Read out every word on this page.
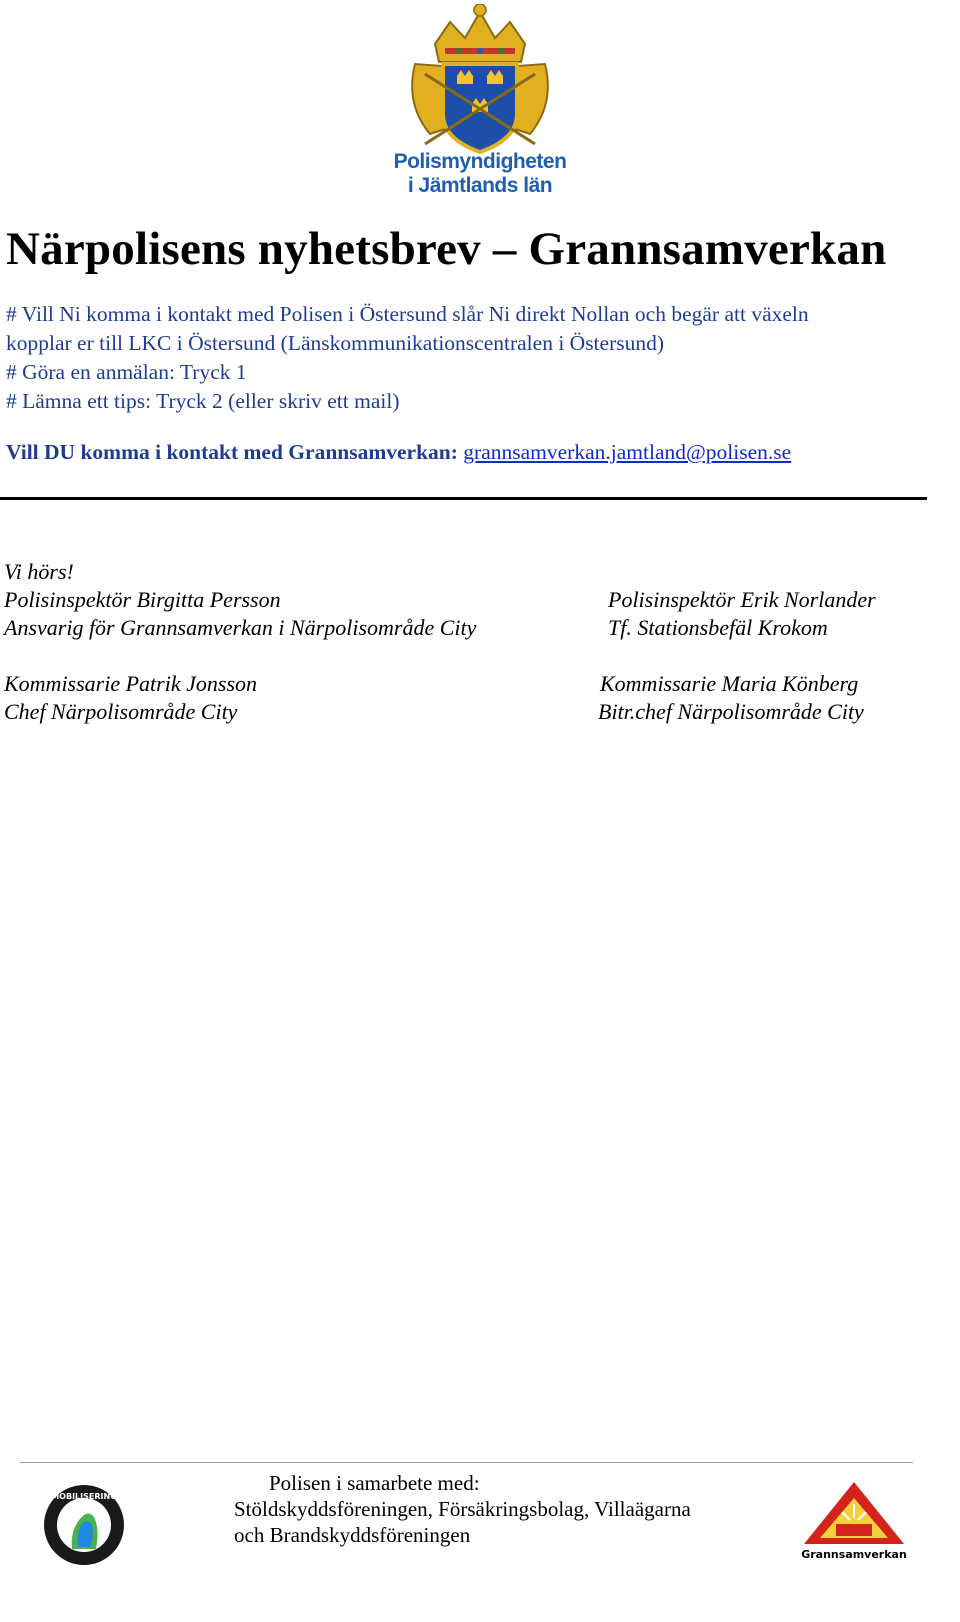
Polismyndigheten
i Jämtlands län
Närpolisens nyhetsbrev – Grannsamverkan
# Vill Ni komma i kontakt med Polisen i Östersund slår Ni direkt Nollan och begär att växeln
kopplar er till LKC i Östersund (Länskommunikationscentralen i Östersund)
# Göra en anmälan: Tryck 1
# Lämna ett tips: Tryck 2 (eller skriv ett mail)
Vill DU komma i kontakt med Grannsamverkan: grannsamverkan.jamtland@polisen.se
Vi hörs!
Polisinspektör Birgitta Persson
Ansvarig för Grannsamverkan i Närpolisområde City
Kommissarie Patrik Jonsson
Chef Närpolisområde City
Polisinspektör Erik Norlander
Tf. Stationsbefäl Krokom
Kommissarie Maria Könberg
Bitr.chef Närpolisområde City
Polisen i samarbete med:
Stöldskyddsföreningen, Försäkringsbolag, Villaägarna
och Brandskyddsföreningen
MOBILISERING
Grannsamverkan
